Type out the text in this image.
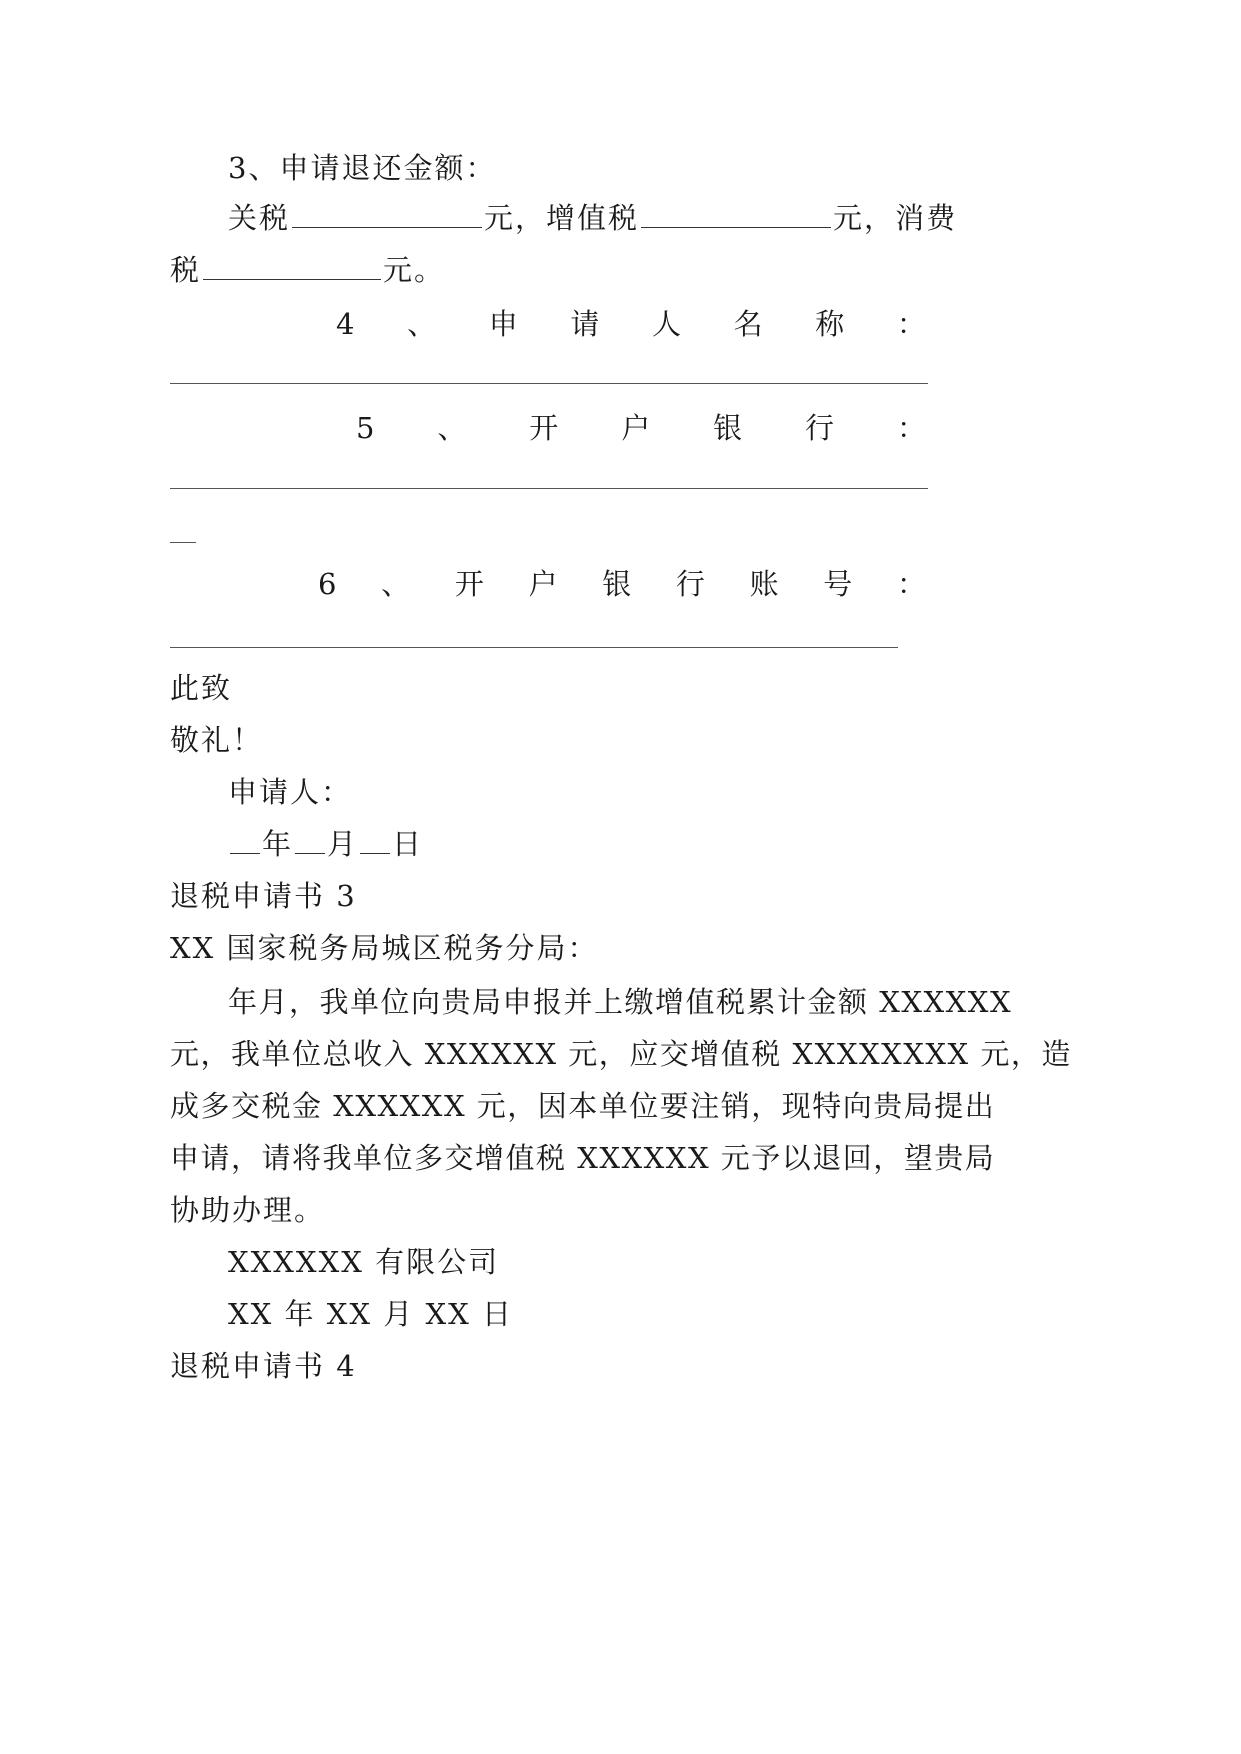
3、申请退还金额：
关税	元，增值税	元，消费
税	元。
4 、 申 请 人 名 称 ：
5 、 开 户 银 行 ：
6 、 开 户 银 行 账 号 ：
此致
敬礼！
申请人：
年 月 日
退税申请书 3
XX 国家税务局城区税务分局：
年月，我单位向贵局申报并上缴增值税累计金额 XXXXXX
元，我单位总收入 XXXXXX 元，应交增值税 XXXXXXXX 元，造
成多交税金 XXXXXX 元，因本单位要注销，现特向贵局提出
申请，请将我单位多交增值税 XXXXXX 元予以退回，望贵局
协助办理。
XXXXXX 有限公司
XX 年 XX 月 XX 日
退税申请书 4
